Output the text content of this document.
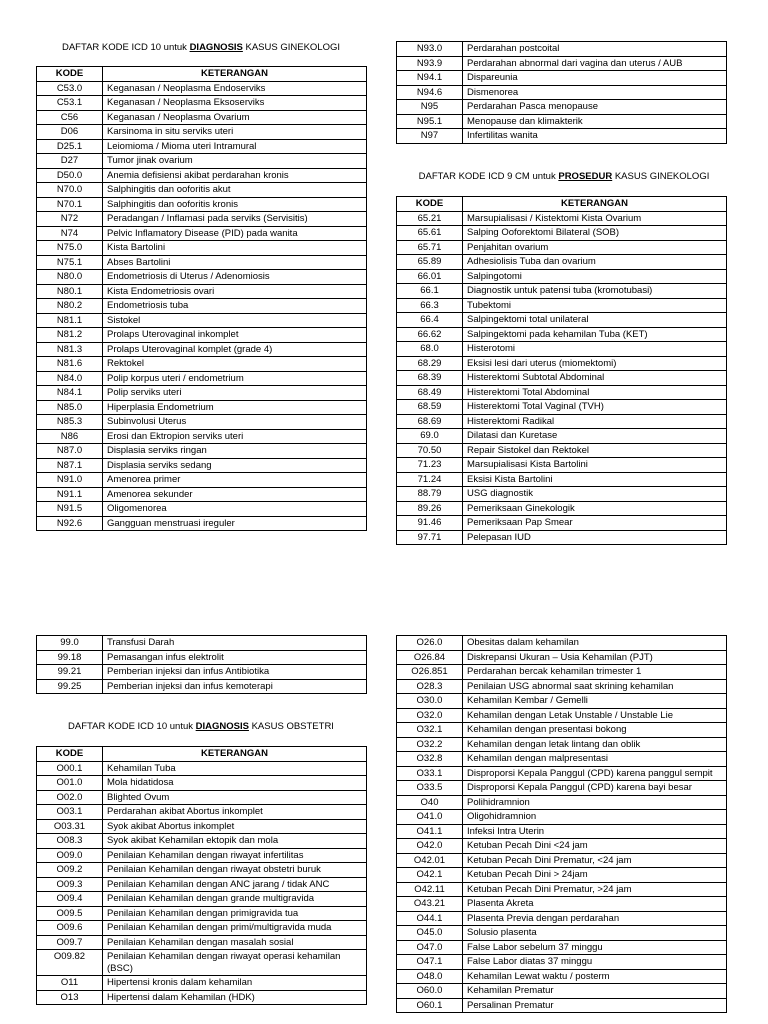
DAFTAR KODE ICD 10 untuk DIAGNOSIS KASUS GINEKOLOGI
KODE	KETERANGAN
C53.0	Keganasan / Neoplasma Endoserviks
C53.1	Keganasan / Neoplasma Eksoserviks
C56	Keganasan / Neoplasma Ovarium
D06	Karsinoma in situ serviks uteri
D25.1	Leiomioma / Mioma uteri Intramural
D27	Tumor jinak ovarium
D50.0	Anemia defisiensi akibat perdarahan kronis
N70.0	Salphingitis dan ooforitis akut
N70.1	Salphingitis dan ooforitis kronis
N72	Peradangan / Inflamasi pada serviks (Servisitis)
N74	Pelvic Inflamatory Disease (PID) pada wanita
N75.0	Kista Bartolini
N75.1	Abses Bartolini
N80.0	Endometriosis di Uterus / Adenomiosis
N80.1	Kista Endometriosis ovari
N80.2	Endometriosis tuba
N81.1	Sistokel
N81.2	Prolaps Uterovaginal inkomplet
N81.3	Prolaps Uterovaginal komplet (grade 4)
N81.6	Rektokel
N84.0	Polip korpus uteri / endometrium
N84.1	Polip serviks uteri
N85.0	Hiperplasia Endometrium
N85.3	Subinvolusi Uterus
N86	Erosi dan Ektropion serviks uteri
N87.0	Displasia serviks ringan
N87.1	Displasia serviks sedang
N91.0	Amenorea primer
N91.1	Amenorea sekunder
N91.5	Oligomenorea
N92.6	Gangguan menstruasi ireguler
N93.0	Perdarahan postcoital
N93.9	Perdarahan abnormal dari vagina dan uterus / AUB
N94.1	Dispareunia
N94.6	Dismenorea
N95	Perdarahan Pasca menopause
N95.1	Menopause dan klimakterik
N97	Infertilitas wanita
DAFTAR KODE ICD 9 CM untuk PROSEDUR KASUS GINEKOLOGI
KODE	KETERANGAN
65.21	Marsupialisasi / Kistektomi Kista Ovarium
65.61	Salping Ooforektomi Bilateral (SOB)
65.71	Penjahitan ovarium
65.89	Adhesiolisis Tuba dan ovarium
66.01	Salpingotomi
66.1	Diagnostik untuk patensi tuba (kromotubasi)
66.3	Tubektomi
66.4	Salpingektomi total unilateral
66.62	Salpingektomi pada kehamilan Tuba (KET)
68.0	Histerotomi
68.29	Eksisi lesi dari uterus (miomektomi)
68.39	Histerektomi Subtotal Abdominal
68.49	Histerektomi Total Abdominal
68.59	Histerektomi Total Vaginal (TVH)
68.69	Histerektomi Radikal
69.0	Dilatasi dan Kuretase
70.50	Repair Sistokel dan Rektokel
71.23	Marsupialisasi Kista Bartolini
71.24	Eksisi Kista Bartolini
88.79	USG diagnostik
89.26	Pemeriksaan Ginekologik
91.46	Pemeriksaan Pap Smear
97.71	Pelepasan IUD
99.0	Transfusi Darah
99.18	Pemasangan infus elektrolit
99.21	Pemberian injeksi dan infus Antibiotika
99.25	Pemberian injeksi dan infus kemoterapi
DAFTAR KODE ICD 10 untuk DIAGNOSIS KASUS OBSTETRI
KODE	KETERANGAN
O00.1	Kehamilan Tuba
O01.0	Mola hidatidosa
O02.0	Blighted Ovum
O03.1	Perdarahan akibat Abortus inkomplet
O03.31	Syok akibat Abortus inkomplet
O08.3	Syok akibat Kehamilan ektopik dan mola
O09.0	Penilaian Kehamilan dengan riwayat infertilitas
O09.2	Penilaian Kehamilan dengan riwayat obstetri buruk
O09.3	Penilaian Kehamilan dengan ANC jarang / tidak ANC
O09.4	Penilaian Kehamilan dengan grande multigravida
O09.5	Penilaian Kehamilan dengan primigravida tua
O09.6	Penilaian Kehamilan dengan primi/multigravida muda
O09.7	Penilaian Kehamilan dengan masalah sosial
O09.82	Penilaian Kehamilan dengan riwayat operasi kehamilan (BSC)
O11	Hipertensi kronis dalam kehamilan
O13	Hipertensi dalam Kehamilan (HDK)
O26.0	Obesitas dalam kehamilan
O26.84	Diskrepansi Ukuran – Usia Kehamilan (PJT)
O26.851	Perdarahan bercak kehamilan trimester 1
O28.3	Penilaian USG abnormal saat skrining kehamilan
O30.0	Kehamilan Kembar / Gemelli
O32.0	Kehamilan dengan Letak Unstable / Unstable Lie
O32.1	Kehamilan dengan presentasi bokong
O32.2	Kehamilan dengan letak lintang dan oblik
O32.8	Kehamilan dengan malpresentasi
O33.1	Disproporsi Kepala Panggul (CPD) karena panggul sempit
O33.5	Disproporsi Kepala Panggul (CPD) karena bayi besar
O40	Polihidramnion
O41.0	Oligohidramnion
O41.1	Infeksi Intra Uterin
O42.0	Ketuban Pecah Dini <24 jam
O42.01	Ketuban Pecah Dini Prematur, <24 jam
O42.1	Ketuban Pecah Dini > 24jam
O42.11	Ketuban Pecah Dini Prematur, >24 jam
O43.21	Plasenta Akreta
O44.1	Plasenta Previa dengan perdarahan
O45.0	Solusio plasenta
O47.0	False Labor sebelum 37 minggu
O47.1	False Labor diatas 37 minggu
O48.0	Kehamilan Lewat waktu / posterm
O60.0	Kehamilan Prematur
O60.1	Persalinan Prematur
